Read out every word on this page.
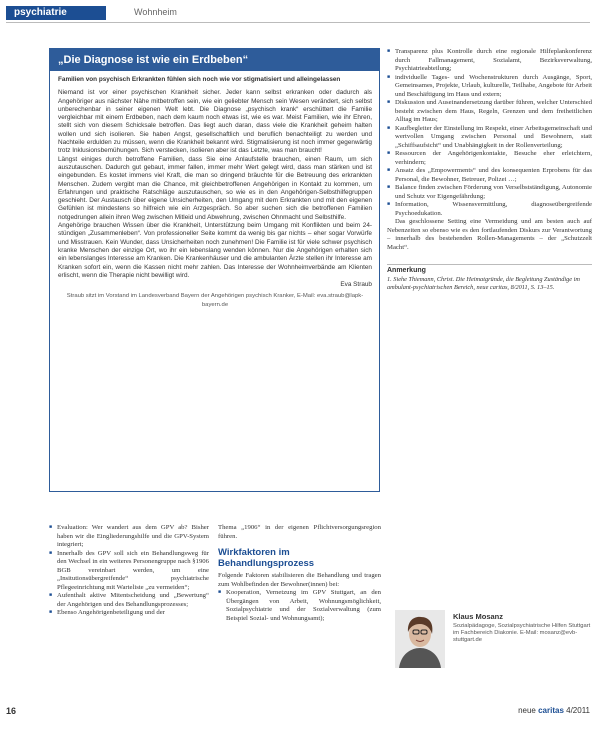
psychiatrie	Wohnheim
„Die Diagnose ist wie ein Erdbeben“
Familien von psychisch Erkrankten fühlen sich noch wie vor stigmatisiert und alleingelassen

Niemand ist vor einer psychischen Krankheit sicher. Jeder kann selbst erkranken oder dadurch als Angehöriger aus nächster Nähe mitbetroffen sein, wie ein geliebter Mensch sein Wesen verändert, sich selbst unberechenbar in seiner eigenen Welt lebt. Die Diagnose „psychisch krank“ erschüttert die Familie vergleichbar mit einem Erdbeben, nach dem kaum noch etwas ist, wie es war. Meist Familien, wie ihr Ehren, stellt sich von diesem Schicksale betroffen. Das liegt auch daran, dass viele die Krankheit geheim halten wollen und sich isolieren. Sie haben Angst, gesellschaftlich und beruflich benachteiligt zu werden und Nachteile erdulden zu müssen, wenn die Krankheit bekannt wird. Stigmatisierung ist noch immer gegenwärtig trotz Inklusionsbemühungen. Sich verstecken, isolieren aber ist das Letzte, was man braucht!

Längst einiges durch betroffene Familien, dass Sie eine Anlaufstelle brauchen, einen Raum, um sich auszutauschen. Dadurch gut gebaut, immer fallen, immer mehr Wert gelegt wird, dass man stärken und ist eingebunden. Es kostet immens viel Kraft, die man so dringend bräuchte für die Betreuung des erkrankten Menschen. Zudem vergibt man die Chance, mit gleichbetroffenen Angehörigen in Kontakt zu kommen, um Erfahrungen und praktische Ratschläge auszutauschen, so wie es in den Angehörigen-Selbsthilfegruppen geschieht. Der Austausch über eigene Unsicherheiten, den Umgang mit dem Erkrankten und mit den eigenen Gefühlen ist mindestens so hilfreich wie ein Arzgespräch. So aber suchen sich die betroffenen Familien notgedrungen allein ihren Weg zwischen Mitleid und Abwehrung, zwischen Ohnmacht und Selbsthilfe.

Angehörige brauchen Wissen über die Krankheit, Unterstützung beim Umgang mit Konflikten und beim 24-stündigen „Zusammenleben“. Von professioneller Seite kommt da wenig bis gar nichts – eher sogar Vorwürfe und Misstrauen. Kein Wunder, dass Unsicherheiten noch zunehmen! Die Familie ist für viele schwer psychisch kranke Menschen der einzige Ort, wo ihr ein lebenslang wenden können. Nur die Angehörigen erhalten sich ein lebenslanges Interesse am Kranken. Die Krankenhäuser und die ambulanten Ärzte stellen ihr Interesse am Kranken sofort ein, wenn die Kassen nicht mehr zahlen. Das Interesse der Wohnheimverbände am Klienten erlischt, wenn die Therapie nicht bewilligt wird.

Eva Straub
Straub sitzt im Vorstand im Landesverband Bayern der Angehörigen psychisch Kranker, E-Mail: eva.straub@lapk-bayern.de
■ Transparenz plus Kontrolle durch eine regionale Hilfeplankonferenz durch Fallmanagement, Sozialamt, Bezirksverwaltung, Psychiatrieabteilung;
■ individuelle Tages- und Wochenstrukturen durch Ausgänge, Sport, Gemeinsames, Projekte, Urlaub, kulturelle, Teilhabe, Angebote für Arbeit und Beschäftigung im Haus und extern;
■ Diskussion und Auseinandersetzung darüber führen, welcher Unterschied besteht zwischen dem Haus, Regeln, Grenzen und dem freiheitlichen Alltag im Haus;
■ Kaufbegleiter der Einstellung im Respekt, einer Arbeitsgemeinschaft und wertvollen Umgang zwischen Personal und Bewohnern, statt „Schiffsaufsicht“ und Unabhängigkeit in der Rollenverteilung;
■ Ressourcen der Angehörigenkontakte, Besuche eher erleichtern, verhindern;
■ Ansatz des „Empowerments“ und des konsequenten Erprobens für das Personal, die Bewohner, Betreuer, Polizei …;
■ Balance finden zwischen Förderung von Verselbstständigung, Autonomie und Schutz vor Eigengefährdung;
■ Information, Wissensvermittlung, diagnoseübergreifende Psychoedukation.

Das geschlossene Setting eine Vermeidung und am besten auch auf Nebenzeiten so ebenso wie es den fortlaufenden Diskurs zur Verantwortung – innerhalb des bestehenden Rollen-Managements – der „Schutzzelt Macht“.

Anmerkung
1. Siehe Thiemann, Christ. Die Heimatgründe, die Begleitung Zuständige im ambulant-psychiatrischen Bereich, neue caritas, 8/2011, S. 13–15.
■ Evaluation: Wer wandert aus dem GPV ab? Bisher haben wir die Eingliederungshilfe und die GPV-System integriert;
■ Innerhalb des GPV soll sich ein Behandlungsweg für den Wechsel in ein weiteres Personengruppe nach §1906 BGB vereinbart werden, um eine „Insitutionsübergreifende“ psychiatrische Pflegeeinrichtung mit Warteliste „zu vermeiden“;
■ Aufenthalt aktive Mitentscheidung und „Bewertung“ der Angehörigen und des Behandlungsprozesses;
■ Ebenso Angehörigenbeteiligung und der

Thema „1906“ in der eigenen Pflichtversorgungsregion führen.

Wirkfaktoren im Behandlungsprozess

Folgende Faktoren stabilisieren die Behandlung und tragen zum Wohlbefinden der Bewohner(innen) bei:

■ Kooperation, Vernetzung im GPV Stuttgart, an den Übergängen von Arbeit, Wohnungsmöglichkeit, Sozialpsychiatrie und der Sozialverwaltung (zum Beispiel Sozial- und Wohnungsamt);	Klaus Mosanz
Sozialpädagoge, Sozialpsychiatrische Hilfen Stuttgart im Fachbereich Diakonie. E-Mail: mosanz@evb-stuttgart.de
16	neue caritas 4/2011
